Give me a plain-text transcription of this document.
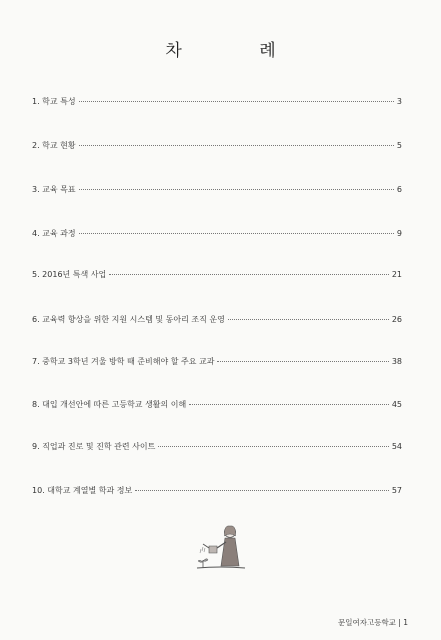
차 례
1. 학교 특성	3
2. 학교 현황	5
3. 교육 목표	6
4. 교육 과정	9
5. 2016년 특색 사업	21
6. 교육력 향상을 위한 지원 시스템 및 동아리 조직 운영	26
7. 중학교 3학년 겨울 방학 때 준비해야 할 주요 교과	38
8. 대입 개선안에 따른 고등학교 생활의 이해	45
9. 직업과 진로 및 진학 관련 사이트	54
10. 대학교 계열별 학과 정보	57
문일여자고등학교 | 1
